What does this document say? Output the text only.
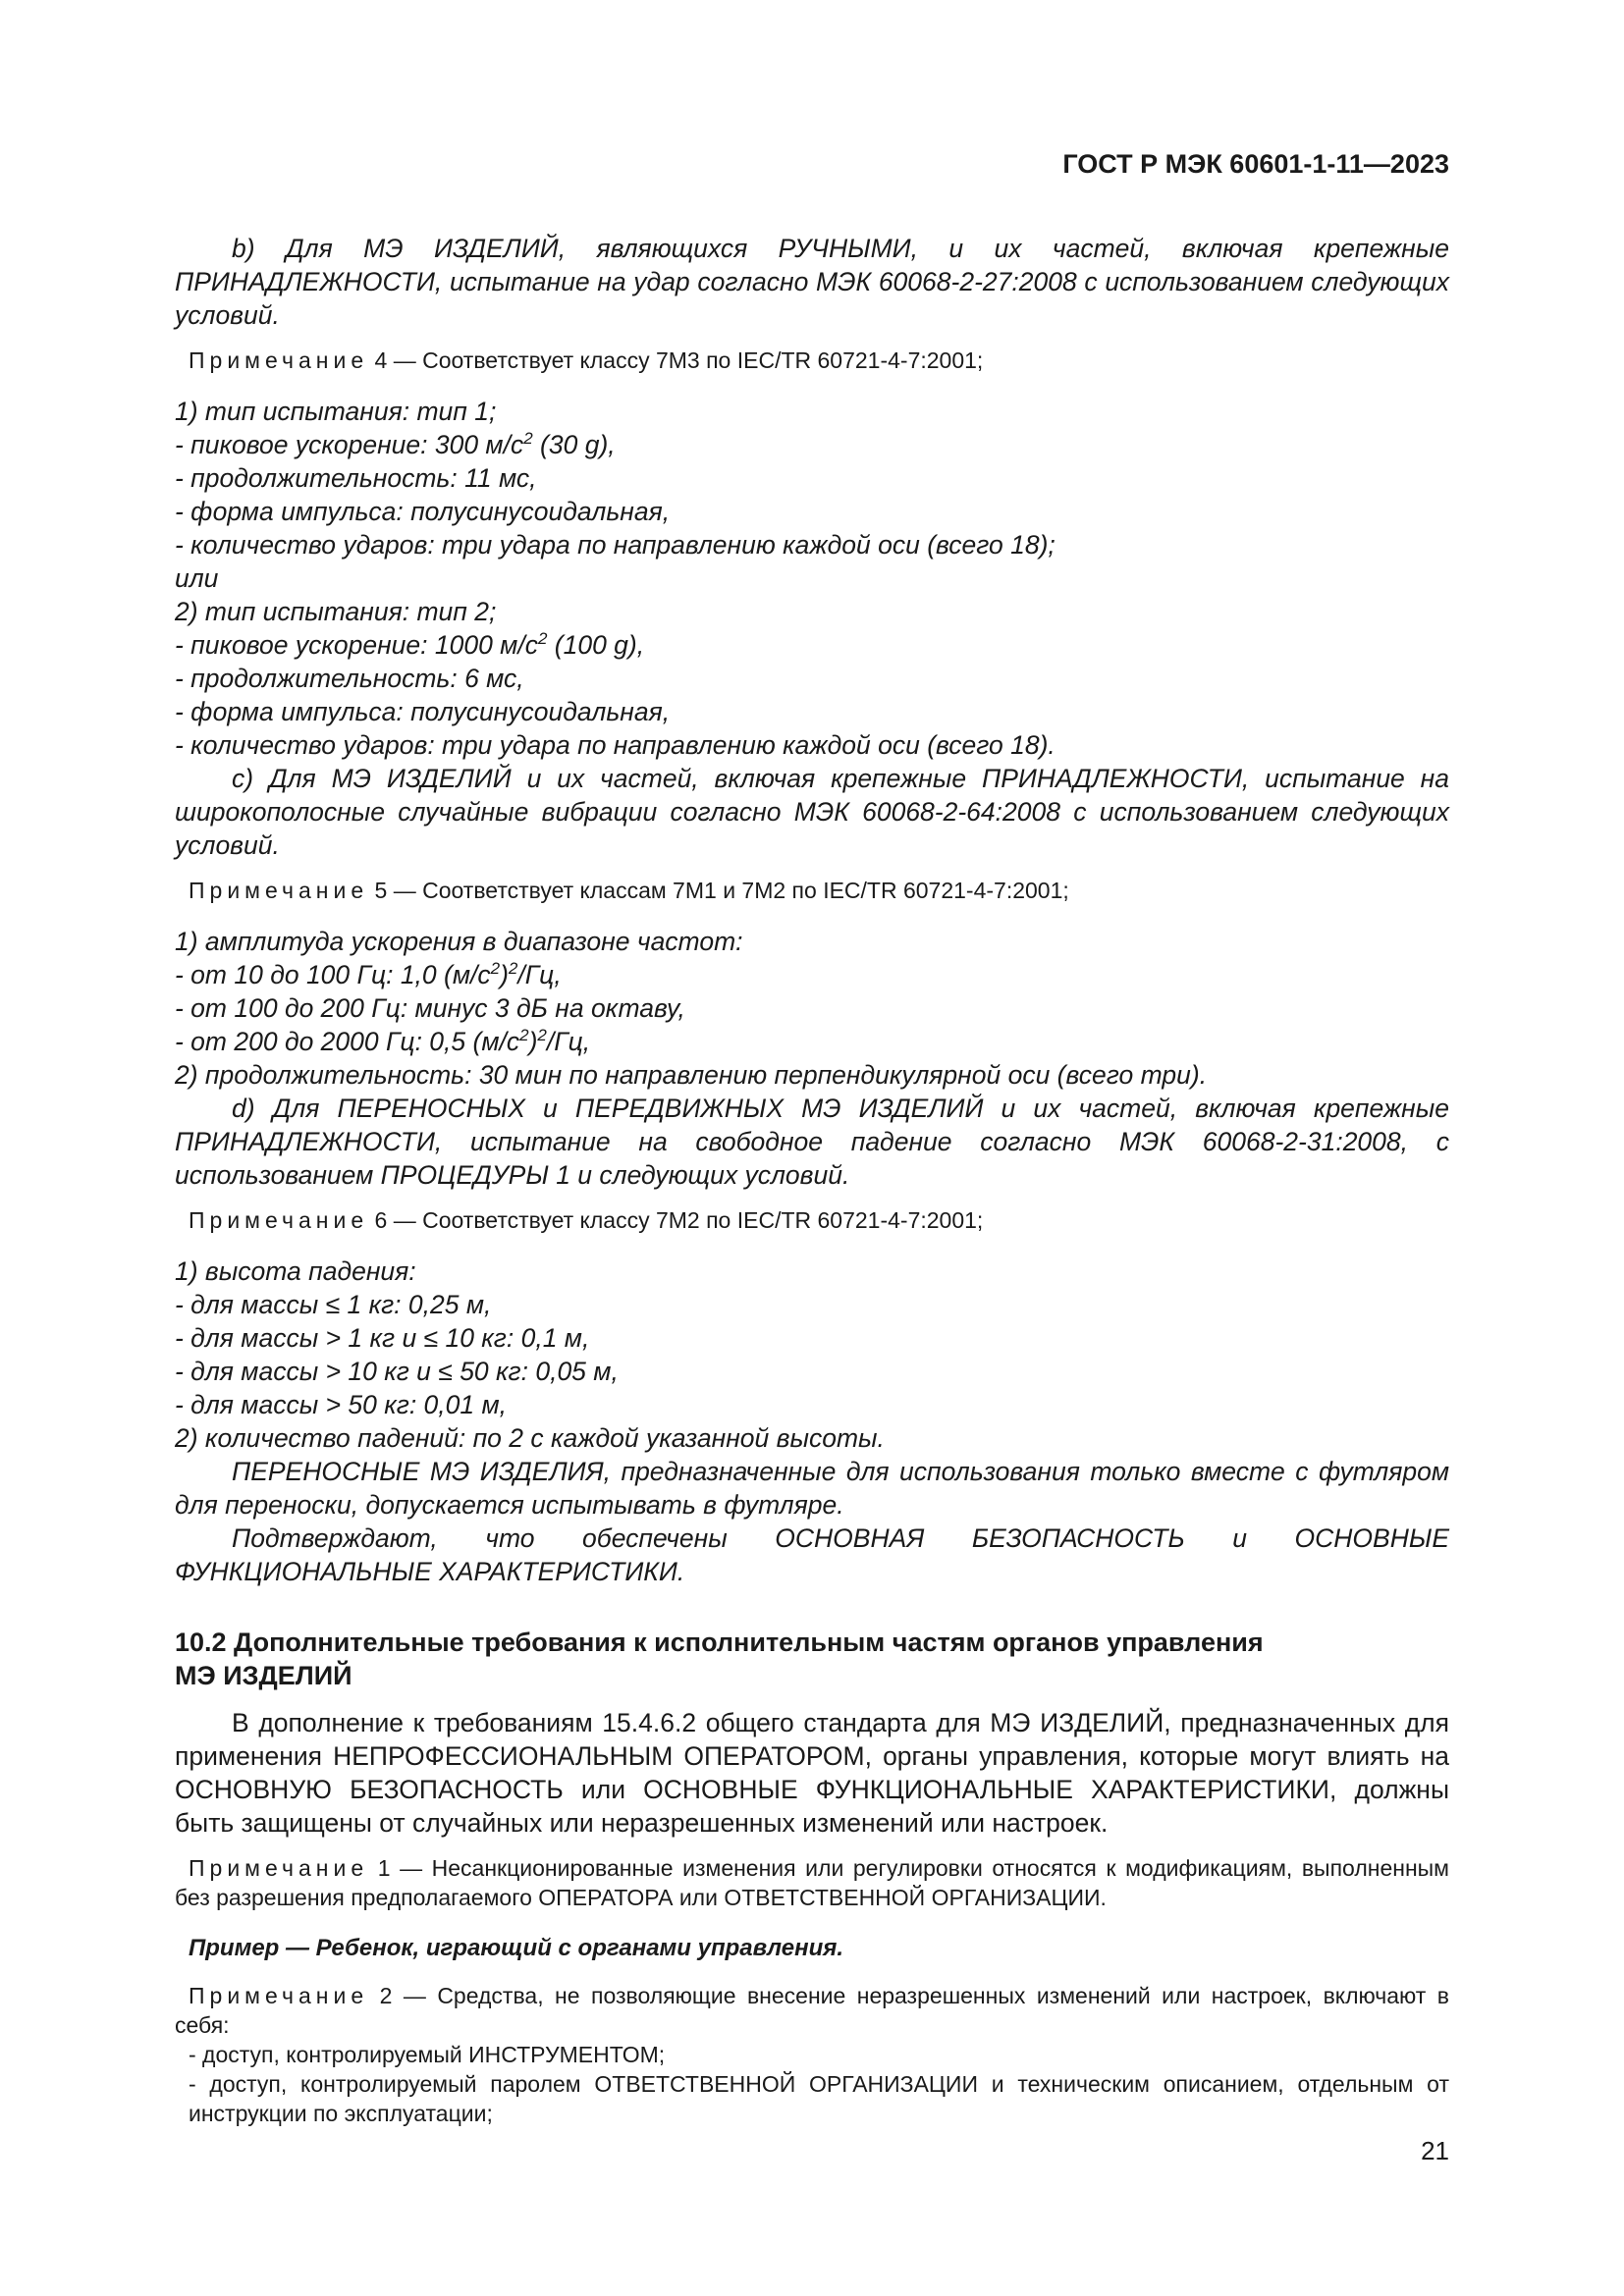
ГОСТ Р МЭК 60601-1-11—2023

b) Для МЭ ИЗДЕЛИЙ, являющихся РУЧНЫМИ, и их частей, включая крепежные ПРИНАДЛЕЖНОСТИ, испытание на удар согласно МЭК 60068-2-27:2008 с использованием следующих условий.

Примечание 4 — Соответствует классу 7М3 по IEC/TR 60721-4-7:2001;

1) тип испытания: тип 1;

- пиковое ускорение: 300 $м/с^2$ (30 g),

- продолжительность: 11 мс,

- форма импульса: полусинусоидальная,

- количество ударов: три удара по направлению каждой оси (всего 18);

или

2) тип испытания: тип 2;

- пиковое ускорение: 1000 $м/с^2$ (100 g),

- продолжительность: 6 мс,

- форма импульса: полусинусоидальная,

- количество ударов: три удара по направлению каждой оси (всего 18).

c) Для МЭ ИЗДЕЛИЙ и их частей, включая крепежные ПРИНАДЛЕЖНОСТИ, испытание на широкополосные случайные вибрации согласно МЭК 60068-2-64:2008 с использованием следующих условий.

Примечание 5 — Соответствует классам 7М1 и 7М2 по IEC/TR 60721-4-7:2001;

1) амплитуда ускорения в диапазоне частот:

- от 10 до 100 Гц: 1,0 $(м/с^2)^2/Гц$,

- от 100 до 200 Гц: минус 3 дБ на октаву,

- от 200 до 2000 Гц: 0,5 $(м/с^2)^2/Гц$,

2) продолжительность: 30 мин по направлению перпендикулярной оси (всего три).

d) Для ПЕРЕНОСНЫХ и ПЕРЕДВИЖНЫХ МЭ ИЗДЕЛИЙ и их частей, включая крепежные ПРИНАДЛЕЖНОСТИ, испытание на свободное падение согласно МЭК 60068-2-31:2008, с использованием ПРОЦЕДУРЫ 1 и следующих условий.

Примечание 6 — Соответствует классу 7М2 по IEC/TR 60721-4-7:2001;

1) высота падения:

- для массы ≤ 1 кг: 0,25 м,

- для массы > 1 кг и ≤ 10 кг: 0,1 м,

- для массы > 10 кг и ≤ 50 кг: 0,05 м,

- для массы > 50 кг: 0,01 м,

2) количество падений: по 2 с каждой указанной высоты.

ПЕРЕНОСНЫЕ МЭ ИЗДЕЛИЯ, предназначенные для использования только вместе с футляром для переноски, допускается испытывать в футляре.

Подтверждают, что обеспечены ОСНОВНАЯ БЕЗОПАСНОСТЬ и ОСНОВНЫЕ ФУНКЦИОНАЛЬНЫЕ ХАРАКТЕРИСТИКИ.

10.2 Дополнительные требования к исполнительным частям органов управления
МЭ ИЗДЕЛИЙ

В дополнение к требованиям 15.4.6.2 общего стандарта для МЭ ИЗДЕЛИЙ, предназначенных для применения НЕПРОФЕССИОНАЛЬНЫМ ОПЕРАТОРОМ, органы управления, которые могут влиять на ОСНОВНУЮ БЕЗОПАСНОСТЬ или ОСНОВНЫЕ ФУНКЦИОНАЛЬНЫЕ ХАРАКТЕРИСТИКИ, должны быть защищены от случайных или неразрешенных изменений или настроек.

Примечание 1 — Несанкционированные изменения или регулировки относятся к модификациям, выполненным без разрешения предполагаемого ОПЕРАТОРА или ОТВЕТСТВЕННОЙ ОРГАНИЗАЦИИ.

Пример — Ребенок, играющий с органами управления.

Примечание 2 — Средства, не позволяющие внесение неразрешенных изменений или настроек, включают в себя:

- доступ, контролируемый ИНСТРУМЕНТОМ;

- доступ, контролируемый паролем ОТВЕТСТВЕННОЙ ОРГАНИЗАЦИИ и техническим описанием, отдельным от инструкции по эксплуатации;

21
